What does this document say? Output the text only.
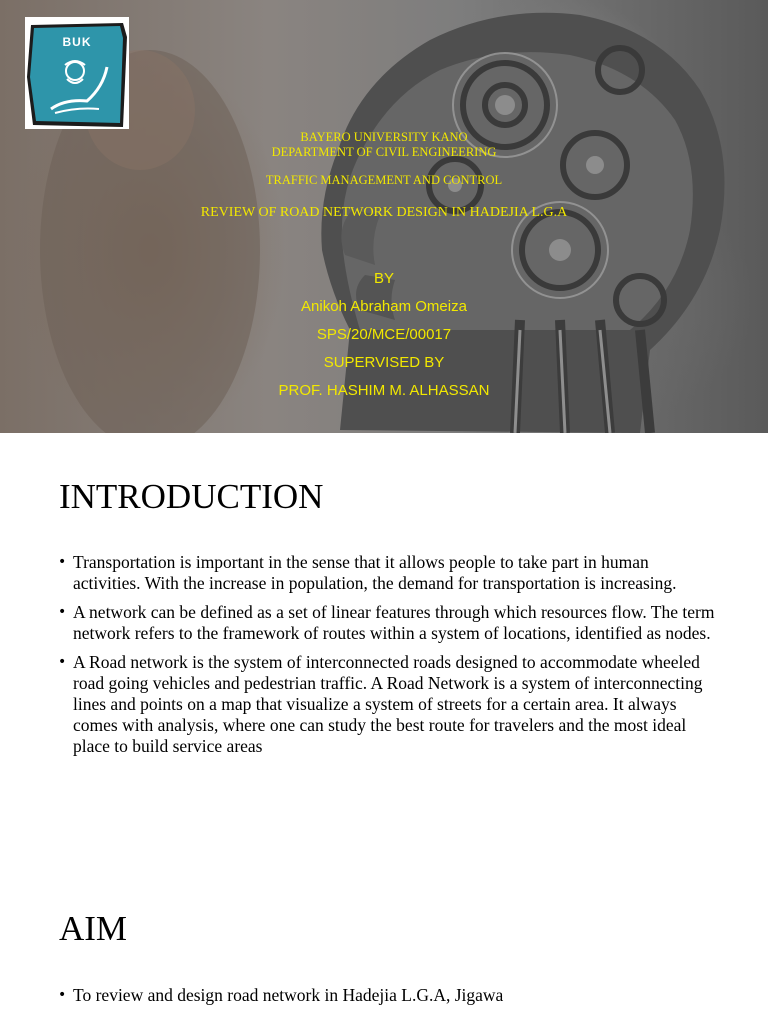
BUK
BAYERO UNIVERSITY KANO
DEPARTMENT OF CIVIL ENGINEERING
TRAFFIC MANAGEMENT AND CONTROL
REVIEW OF ROAD NETWORK DESIGN IN HADEJIA L.G.A
BY
Anikoh Abraham Omeiza
SPS/20/MCE/00017
SUPERVISED BY
PROF. HASHIM M. ALHASSAN
INTRODUCTION
• Transportation is important in the sense that it allows people to take part in human activities. With the increase in population, the demand for transportation is increasing.
• A network can be defined as a set of linear features through which resources flow. The term network refers to the framework of routes within a system of locations, identified as nodes.
• A Road network is the system of interconnected roads designed to accommodate wheeled road going vehicles and pedestrian traffic. A Road Network is a system of interconnecting lines and points on a map that visualize a system of streets for a certain area. It always comes with analysis, where one can study the best route for travelers and the most ideal place to build service areas
AIM
• To review and design road network in Hadejia L.G.A, Jigawa
